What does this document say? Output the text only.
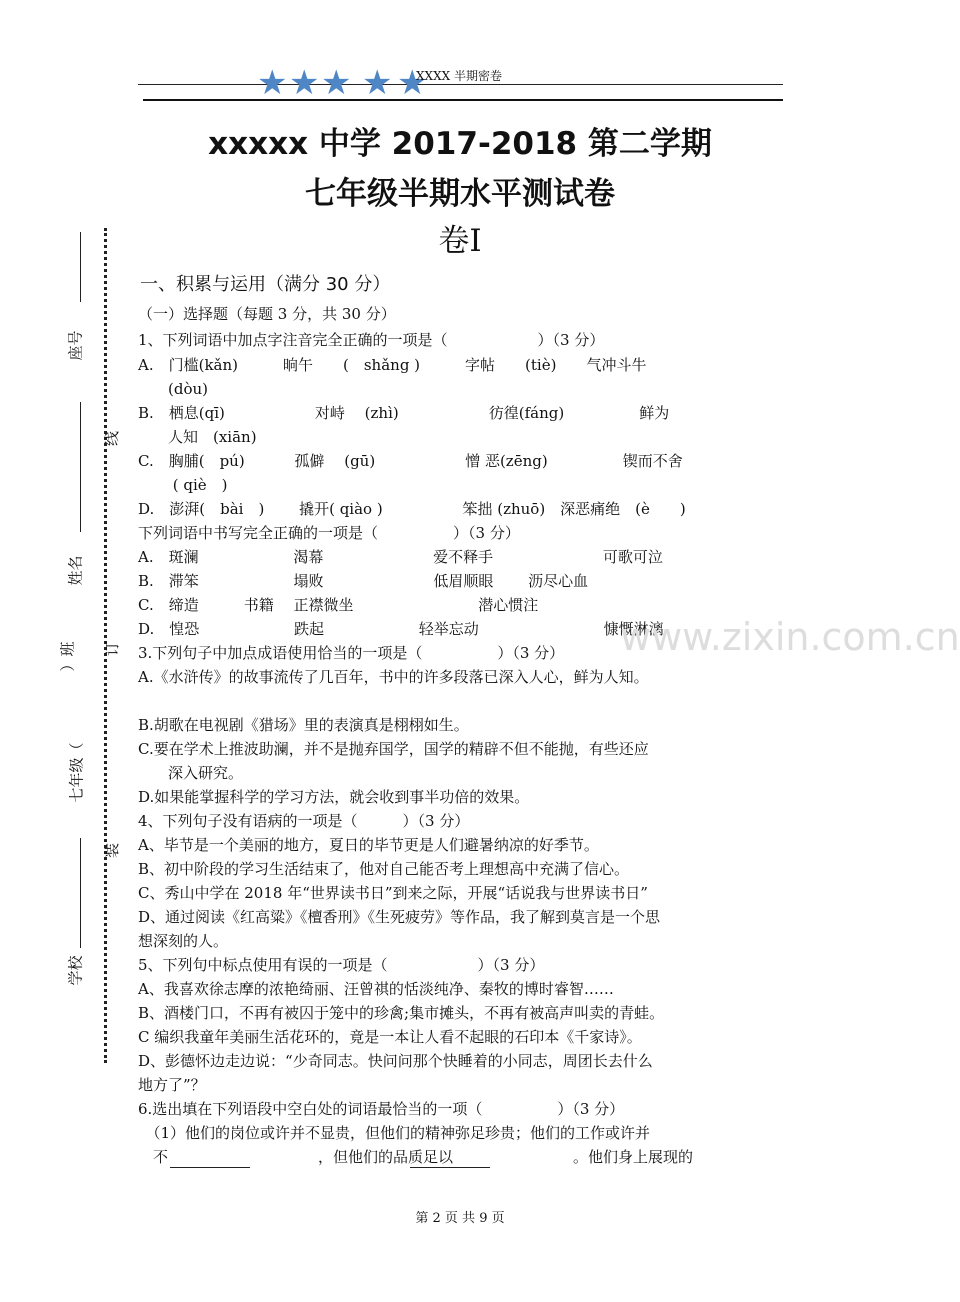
★ ★ ★ ★ ★
XXXX 半期密卷
xxxxx 中学 2017-2018 第二学期
七年级半期水平测试卷
卷Ⅰ
一、积累与运用（满分 30 分）
（一）选择题（每题 3 分，共 30 分）
1、下列词语中加点字注音完全正确的一项是（　　　　　　）（3 分）
A.　门槛(kǎn)　　　晌午　　(　shǎng )　　　字帖　　(tiè)　　气冲斗牛
　　(dòu)
B.　栖息(qī)　　　　　　对峙　 (zhì)　　　　　　彷徨(fáng)　　　　　鲜为
　　人知　(xiān)
C.　胸脯(　pú)　　　 孤僻　 (gū)　　　　　　憎 恶(zēng)　　　　　锲而不舍
　　 ( qiè　)
D.　澎湃(　bài　)　　 撬开( qiào )　　　　　 笨拙 (zhuō)　深恶痛绝　(è　　)
下列词语中书写完全正确的一项是（　　　　　）（3 分）
A.　斑澜　　　　　　 渴幕　　　　　　　 爱不释手　　　　　　　 可歌可泣
B.　滞笨　　　　　　 塌败　　　　　　　 低眉顺眼　　 沥尽心血
C.　缔造　　　书籍　 正襟微坐　　　　　　　　 潜心惯注
D.　惶恐　　　　　　 跌起　　　　　　 轻举忘动　　　　　　　　 慷慨淋漓
3.下列句子中加点成语使用恰当的一项是（　　　　　）（3 分）
A.《水浒传》的故事流传了几百年，书中的许多段落已深入人心，鲜为人知。
B.胡歌在电视剧《猎场》里的表演真是栩栩如生。
C.要在学术上推波助澜，并不是抛弃国学，国学的精辟不但不能抛，有些还应
　　深入研究。
D.如果能掌握科学的学习方法，就会收到事半功倍的效果。
4、下列句子没有语病的一项是（　　　）（3 分）
A、毕节是一个美丽的地方，夏日的毕节更是人们避暑纳凉的好季节。
B、初中阶段的学习生活结束了，他对自己能否考上理想高中充满了信心。
C、秀山中学在 2018 年“世界读书日”到来之际，开展“话说我与世界读书日”
D、通过阅读《红高粱》《檀香刑》《生死疲劳》等作品，我了解到莫言是一个思
想深刻的人。
5、下列句中标点使用有误的一项是（　　　　　　）（3 分）
A、我喜欢徐志摩的浓艳绮丽、汪曾祺的恬淡纯净、秦牧的博时睿智……
B、酒楼门口，不再有被囚于笼中的珍禽;集市摊头，不再有被高声叫卖的青蛙。
C 编织我童年美丽生活花环的，竟是一本让人看不起眼的石印本《千家诗》。
D、彭德怀边走边说：“少奇同志。快问问那个快睡着的小同志，周团长去什么
地方了”？
6.选出填在下列语段中空白处的词语最恰当的一项（　　　　　）（3 分）
　（1）他们的岗位或许并不显贵，但他们的精神弥足珍贵；他们的工作或许并
　不　　　　　　　　　　，但他们的品质足以　　　　　　　　。他们身上展现的
座号
姓名
）班
七年级（
学校
线
订
装
www.zixin.com.cn
第 2 页 共 9 页
